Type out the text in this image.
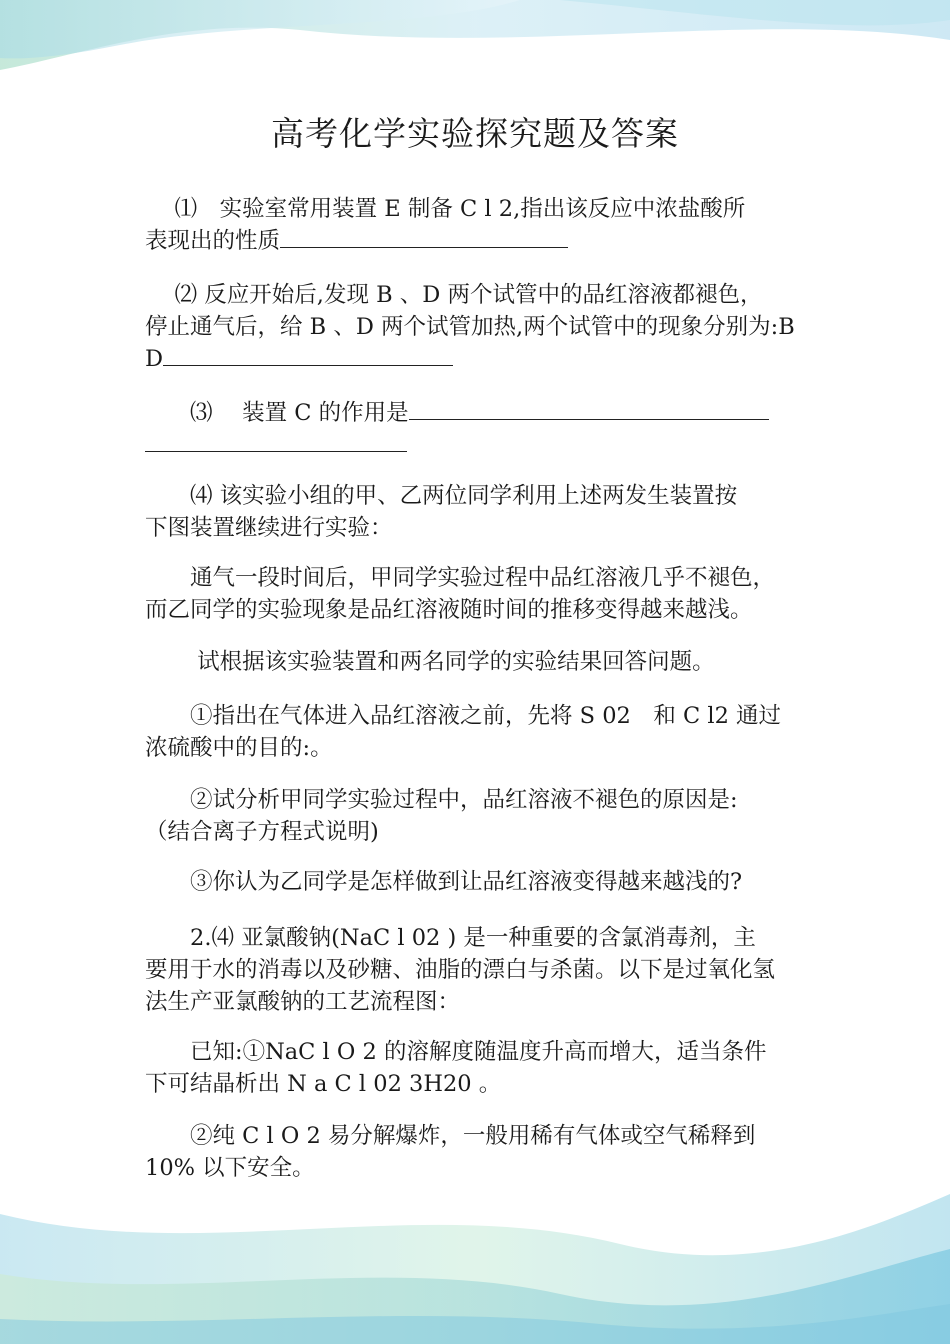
高考化学实验探究题及答案
　 ⑴　实验室常用装置 E 制备 C l 2,指出该反应中浓盐酸所
表现出的性质
　 ⑵ 反应开始后,发现 B 、D 两个试管中的品红溶液都褪色，
停止通气后，给 B 、D 两个试管加热,两个试管中的现象分别为:B
D
　　⑶　 装置 C 的作用是
　　⑷ 该实验小组的甲、乙两位同学利用上述两发生装置按
下图装置继续进行实验：
　　通气一段时间后，甲同学实验过程中品红溶液几乎不褪色，
而乙同学的实验现象是品红溶液随时间的推移变得越来越浅。
　　 试根据该实验装置和两名同学的实验结果回答问题。
　　①指出在气体进入品红溶液之前，先将 S 02　和 C l2 通过
浓硫酸中的目的:。
　　②试分析甲同学实验过程中，品红溶液不褪色的原因是:
（结合离子方程式说明)
　　③你认为乙同学是怎样做到让品红溶液变得越来越浅的?
　　2.⑷ 亚氯酸钠(NaC l 02 ) 是一种重要的含氯消毒剂，主
要用于水的消毒以及砂糖、油脂的漂白与杀菌。以下是过氧化氢
法生产亚氯酸钠的工艺流程图：
　　已知:①NaC l O 2 的溶解度随温度升高而增大，适当条件
下可结晶析出 N a C l 02 3H20 。
　　②纯 C l O 2 易分解爆炸，一般用稀有气体或空气稀释到
10% 以下安全。
